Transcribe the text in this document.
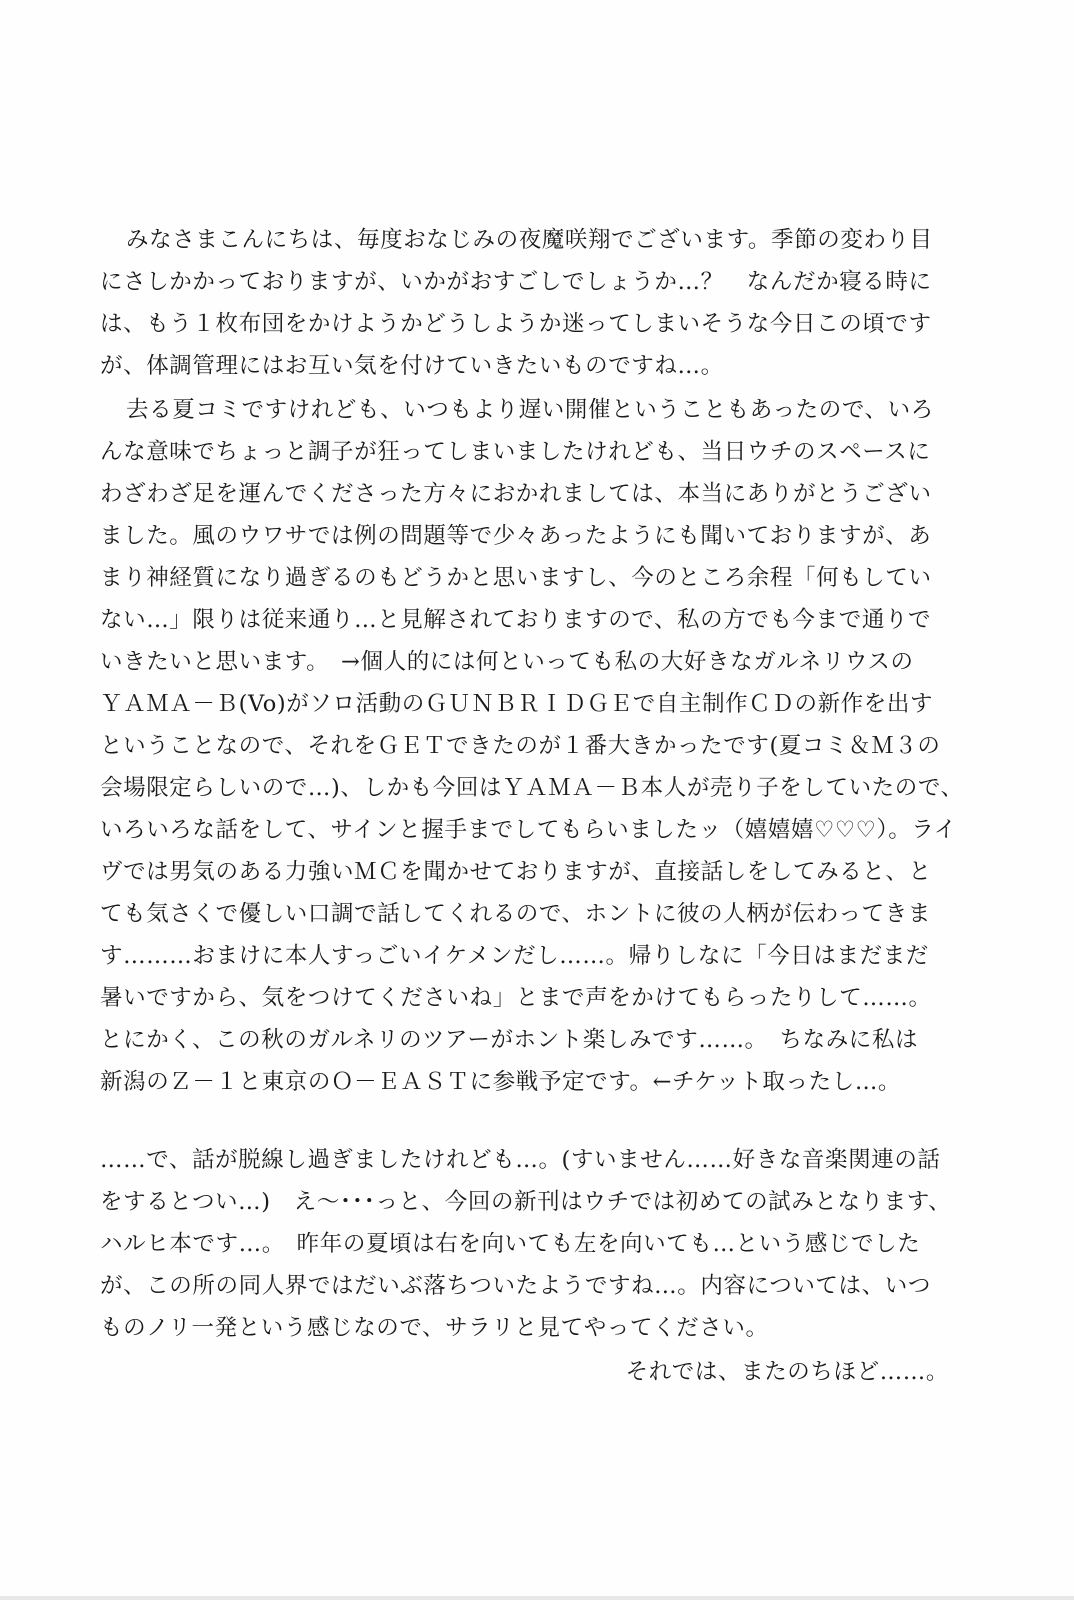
みなさまこんにちは、毎度おなじみの夜魔咲翔でございます。季節の変わり目
にさしかかっておりますが、いかがおすごしでしょうか…？　なんだか寝る時に
は、もう１枚布団をかけようかどうしようか迷ってしまいそうな今日この頃です
が、体調管理にはお互い気を付けていきたいものですね…。
去る夏コミですけれども、いつもより遅い開催ということもあったので、いろ
んな意味でちょっと調子が狂ってしまいましたけれども、当日ウチのスペースに
わざわざ足を運んでくださった方々におかれましては、本当にありがとうござい
ました。風のウワサでは例の問題等で少々あったようにも聞いておりますが、あ
まり神経質になり過ぎるのもどうかと思いますし、今のところ余程「何もしてい
ない…」限りは従来通り…と見解されておりますので、私の方でも今まで通りで
いきたいと思います。　→個人的には何といっても私の大好きなガルネリウスの
ＹＡＭＡ－Ｂ(Vo)がソロ活動のＧＵＮＢＲＩＤＧＥで自主制作ＣＤの新作を出す
ということなので、それをＧＥＴできたのが１番大きかったです(夏コミ＆Ｍ３の
会場限定らしいので…)、しかも今回はＹＡＭＡ－Ｂ本人が売り子をしていたので、
いろいろな話をして、サインと握手までしてもらいましたッ（嬉嬉嬉♡♡♡）。ライ
ヴでは男気のある力強いＭＣを聞かせておりますが、直接話しをしてみると、と
ても気さくで優しい口調で話してくれるので、ホントに彼の人柄が伝わってきま
す………おまけに本人すっごいイケメンだし……。帰りしなに「今日はまだまだ
暑いですから、気をつけてくださいね」とまで声をかけてもらったりして……。
とにかく、この秋のガルネリのツアーがホント楽しみです……。　ちなみに私は
新潟のＺ－１と東京のＯ－ＥＡＳＴに参戦予定です。←チケット取ったし…。
……で、話が脱線し過ぎましたけれども…。(すいません……好きな音楽関連の話
をするとつい…)　え～･･･っと、今回の新刊はウチでは初めての試みとなります、
ハルヒ本です…。　昨年の夏頃は右を向いても左を向いても…という感じでした
が、この所の同人界ではだいぶ落ちついたようですね…。内容については、いつ
ものノリ一発という感じなので、サラリと見てやってください。
それでは、またのちほど……。
